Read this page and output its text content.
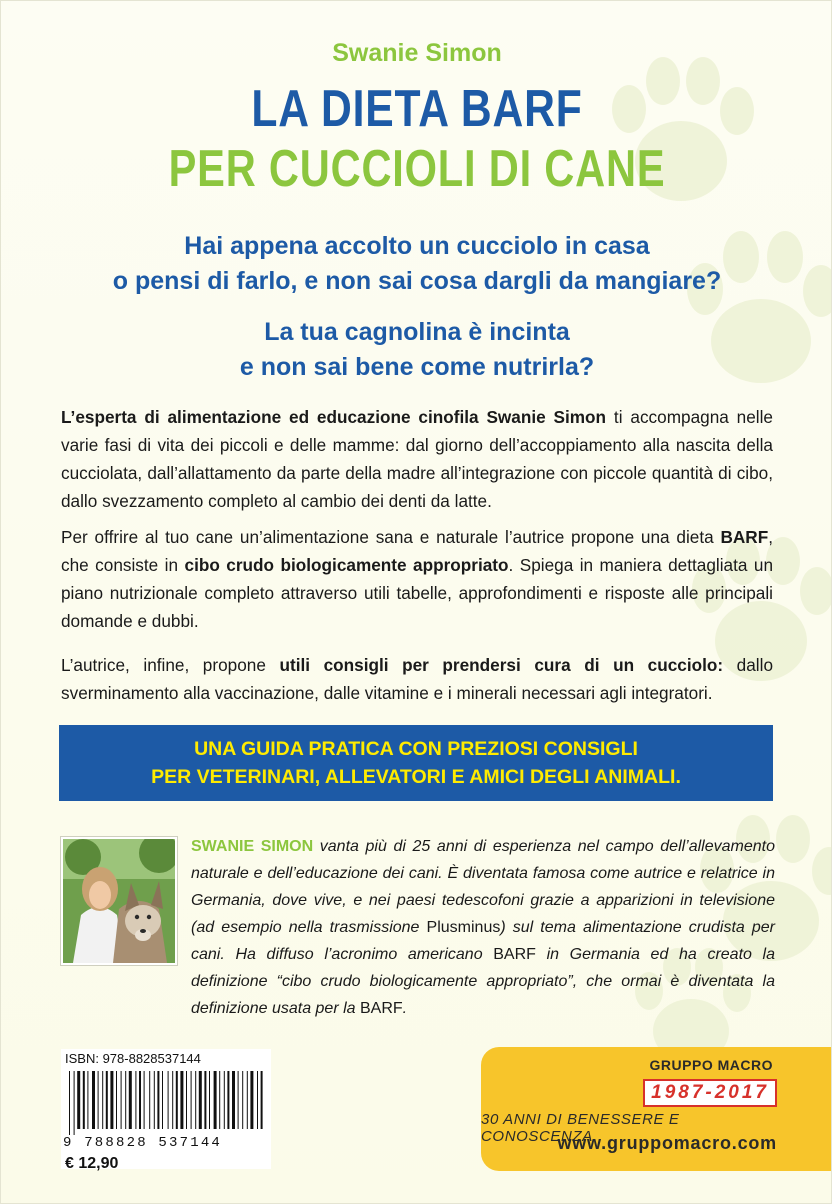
Swanie Simon
LA DIETA BARF
PER CUCCIOLI DI CANE
Hai appena accolto un cucciolo in casa
o pensi di farlo, e non sai cosa dargli da mangiare?
La tua cagnolina è incinta
e non sai bene come nutrirla?
L’esperta di alimentazione ed educazione cinofila Swanie Simon ti accompagna nelle varie fasi di vita dei piccoli e delle mamme: dal giorno dell’accoppiamento alla nascita della cucciolata, dall’allattamento da parte della madre all’integrazione con piccole quantità di cibo, dallo svezzamento completo al cambio dei denti da latte.
Per offrire al tuo cane un’alimentazione sana e naturale l’autrice propone una dieta BARF, che consiste in cibo crudo biologicamente appropriato. Spiega in maniera dettagliata un piano nutrizionale completo attraverso utili tabelle, approfondimenti e risposte alle principali domande e dubbi.
L’autrice, infine, propone utili consigli per prendersi cura di un cucciolo: dallo sverminamento alla vaccinazione, dalle vitamine e i minerali necessari agli integratori.
UNA GUIDA PRATICA CON PREZIOSI CONSIGLI
PER VETERINARI, ALLEVATORI E AMICI DEGLI ANIMALI.
SWANIE SIMON vanta più di 25 anni di esperienza nel campo dell’allevamento naturale e dell’educazione dei cani. È diventata famosa come autrice e relatrice in Germania, dove vive, e nei paesi tedescofoni grazie a apparizioni in televisione (ad esempio nella trasmissione Plusminus) sul tema alimentazione crudista per cani. Ha diffuso l’acronimo americano BARF in Germania ed ha creato la definizione “cibo crudo biologicamente appropriato”, che ormai è diventata la definizione usata per la BARF.
ISBN: 978-8828537144
9 788828 537144
€ 12,90
GRUPPO MACRO
1987-2017
30 ANNI DI BENESSERE E CONOSCENZA
www.gruppomacro.com
